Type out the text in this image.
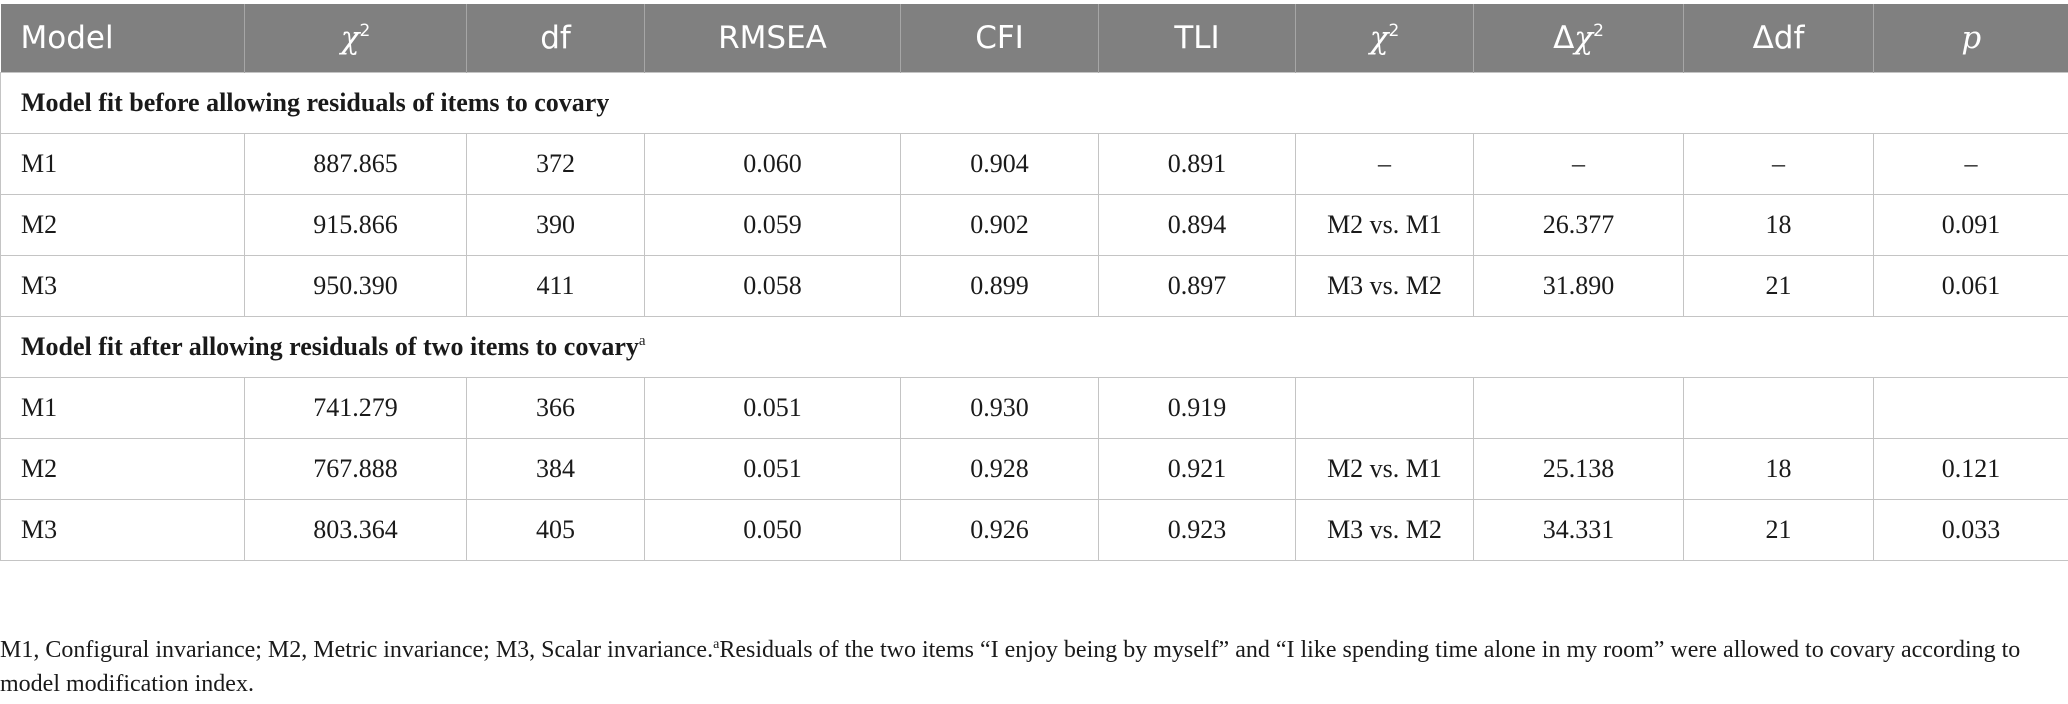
Model	$\chi^2$	df	RMSEA	CFI	TLI	$\chi^2$	$\Delta\chi^2$	Δdf	p
Model fit before allowing residuals of items to covary									
M1	887.865	372	0.060	0.904	0.891	–	–	–	–
M2	915.866	390	0.059	0.902	0.894	M2 vs. M1	26.377	18	0.091
M3	950.390	411	0.058	0.899	0.897	M3 vs. M2	31.890	21	0.061
Model fit after allowing residuals of two items to covary$^a$
M1	741.279	366	0.051	0.930	0.919				
M2	767.888	384	0.051	0.928	0.921	M2 vs. M1	25.138	18	0.121
M3	803.364	405	0.050	0.926	0.923	M3 vs. M2	34.331	21	0.033
M1, Configural invariance; M2, Metric invariance; M3, Scalar invariance.$^a$Residuals of the two items “I enjoy being by myself” and “I like spending time alone in my room” were allowed to covary according to model modification index.
